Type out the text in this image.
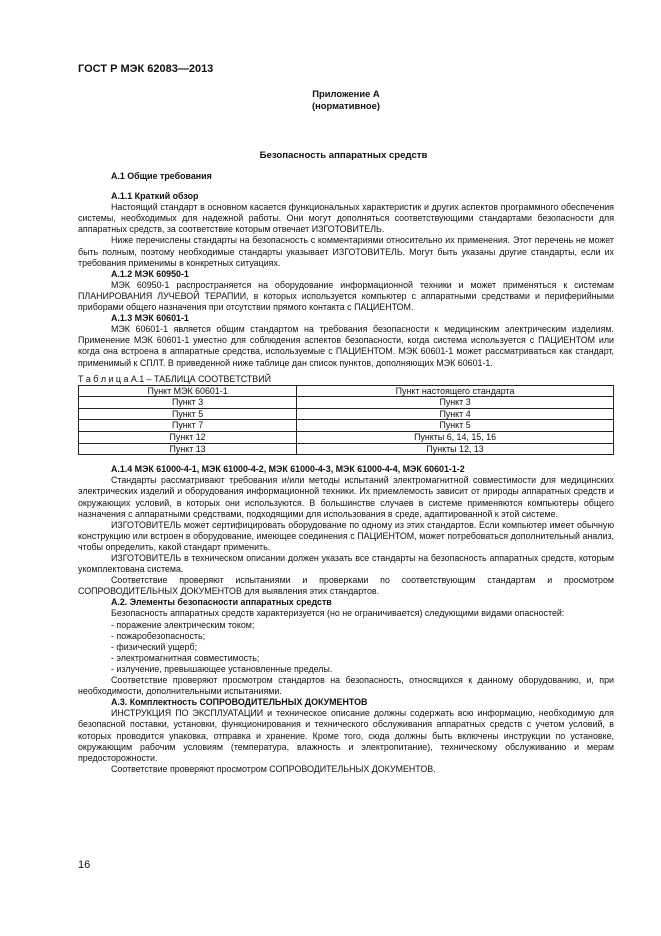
ГОСТ Р МЭК 62083—2013
Приложение А
(нормативное)
Безопасность аппаратных средств
А.1 Общие требования
А.1.1 Краткий обзор

Настоящий стандарт в основном касается функциональных характеристик и других аспектов программного обеспечения системы, необходимых для надежной работы. Они могут дополняться соответствующими стандартами безопасности для аппаратных средств, за соответствие которым отвечает ИЗГОТОВИТЕЛЬ.

Ниже перечислены стандарты на безопасность с комментариями относительно их применения. Этот перечень не может быть полным, поэтому необходимые стандарты указывает ИЗГОТОВИТЕЛЬ. Могут быть указаны другие стандарты, если их требования применимы в конкретных ситуациях.

А.1.2 МЭК 60950-1

МЭК 60950-1 распространяется на оборудование информационной техники и может применяться к системам ПЛАНИРОВАНИЯ ЛУЧЕВОЙ ТЕРАПИИ, в которых используется компьютер с аппаратными средствами и периферийными приборами общего назначения при отсутствии прямого контакта с ПАЦИЕНТОМ.

А.1.3 МЭК 60601-1

МЭК 60601-1 является общим стандартом на требования безопасности к медицинским электрическим изделиям. Применение МЭК 60601-1 уместно для соблюдения аспектов безопасности, когда система используется с ПАЦИЕНТОМ или когда она встроена в аппаратные средства, используемые с ПАЦИЕНТОМ. МЭК 60601-1 может рассматриваться как стандарт, применимый к СПЛТ. В приведенной ниже таблице дан список пунктов, дополняющих МЭК 60601-1.

Т а б л и ц а А.1 – ТАБЛИЦА СООТВЕТСТВИЙ
Пункт МЭК 60601-1	Пункт настоящего стандарта
Пункт 3	Пункт 3
Пункт 5	Пункт 4
Пункт 7	Пункт 5
Пункт 12	Пункты 6, 14, 15, 16
Пункт 13	Пункты 12, 13
А.1.4 МЭК 61000-4-1, МЭК 61000-4-2, МЭК 61000-4-3, МЭК 61000-4-4, МЭК 60601-1-2

Стандарты рассматривают требования и/или методы испытаний электромагнитной совместимости для медицинских электрических изделий и оборудования информационной техники. Их приемлемость зависит от природы аппаратных средств и окружающих условий, в которых они используются. В большинстве случаев в системе применяются компьютеры общего назначения с аппаратными средствами, подходящими для использования в среде, адаптированной к этой системе.

ИЗГОТОВИТЕЛЬ может сертифицировать оборудование по одному из этих стандартов. Если компьютер имеет обычную конструкцию или встроен в оборудование, имеющее соединения с ПАЦИЕНТОМ, может потребоваться дополнительный анализ, чтобы определить, какой стандарт применить.

ИЗГОТОВИТЕЛЬ в техническом описании должен указать все стандарты на безопасность аппаратных средств, которым укомплектована система.

Соответствие проверяют испытаниями и проверками по соответствующим стандартам и просмотром СОПРОВОДИТЕЛЬНЫХ ДОКУМЕНТОВ для выявления этих стандартов.

А.2. Элементы безопасности аппаратных средств

Безопасность аппаратных средств характеризуется (но не ограничивается) следующими видами опасностей:

- поражение электрическим током;
- пожаробезопасность;
- физический ущерб;
- электромагнитная совместимость;
- излучение, превышающее установленные пределы.

Соответствие проверяют просмотром стандартов на безопасность, относящихся к данному оборудованию, и, при необходимости, дополнительными испытаниями.

А.3. Комплектность СОПРОВОДИТЕЛЬНЫХ ДОКУМЕНТОВ

ИНСТРУКЦИЯ ПО ЭКСПЛУАТАЦИИ и техническое описание должны содержать всю информацию, необходимую для безопасной поставки, установки, функционирования и технического обслуживания аппаратных средств с учетом условий, в которых проводится упаковка, отправка и хранение. Кроме того, сюда должны быть включены инструкции по установке, окружающим рабочим условиям (температура, влажность и электропитание), техническому обслуживанию и мерам предосторожности.

Соответствие проверяют просмотром СОПРОВОДИТЕЛЬНЫХ ДОКУМЕНТОВ.

16
